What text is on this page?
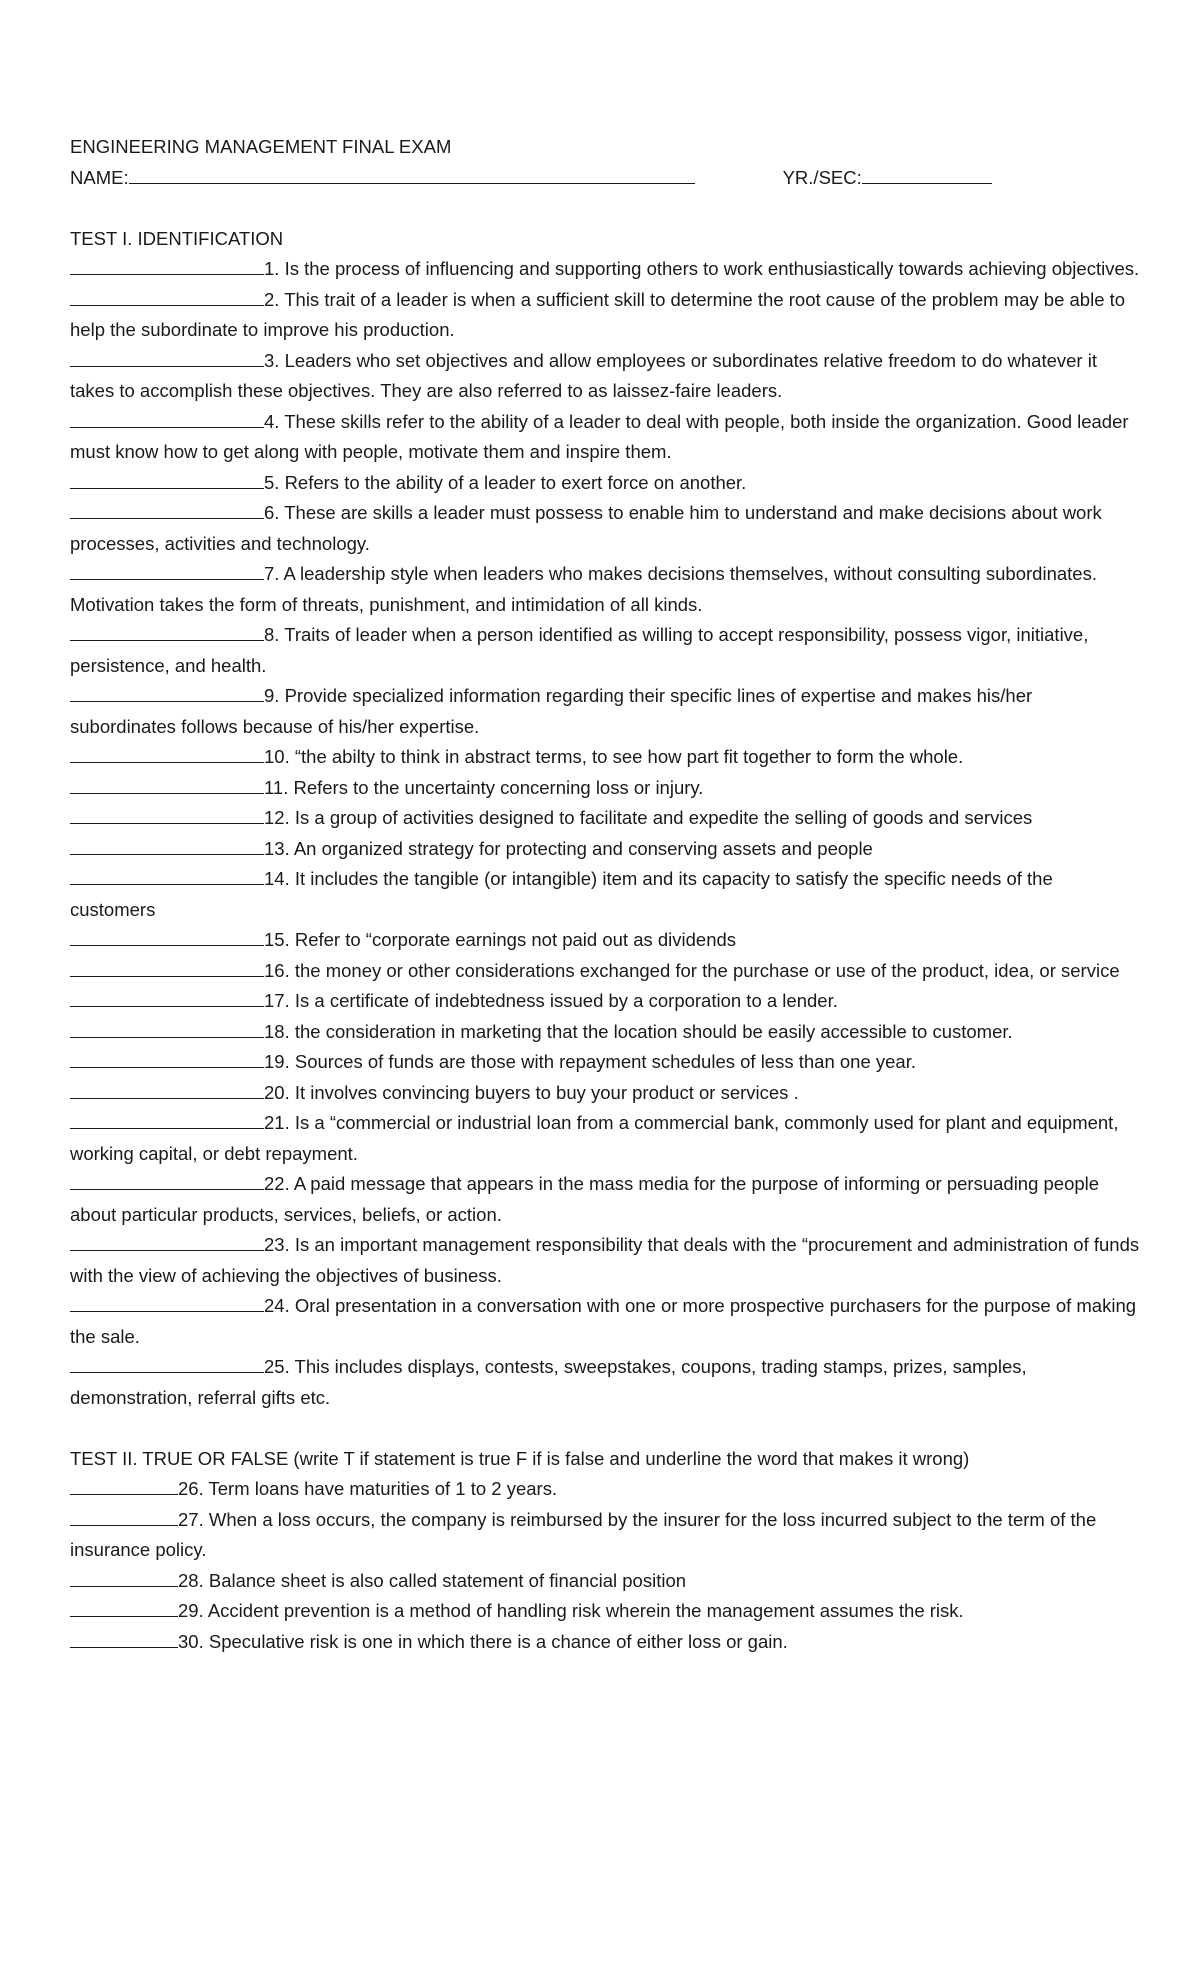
ENGINEERING MANAGEMENT FINAL EXAM
NAME:	YR./SEC:
TEST I. IDENTIFICATION
1. Is the process of influencing and supporting others to work enthusiastically towards achieving objectives.
2. This trait of a leader is when a sufficient skill to determine the root cause of the problem may be able to help the subordinate to improve his production.
3. Leaders who set objectives and allow employees or subordinates relative freedom to do whatever it takes to accomplish these objectives. They are also referred to as laissez-faire leaders.
4. These skills refer to the ability of a leader to deal with people, both inside the organization. Good leader must know how to get along with people, motivate them and inspire them.
5. Refers to the ability of a leader to exert force on another.
6. These are skills a leader must possess to enable him to understand and make decisions about work processes, activities and technology.
7. A leadership style when leaders who makes decisions themselves, without consulting subordinates. Motivation takes the form of threats, punishment, and intimidation of all kinds.
8. Traits of leader when a person identified as willing to accept responsibility, possess vigor, initiative, persistence, and health.
9. Provide specialized information regarding their specific lines of expertise and makes his/her subordinates follows because of his/her expertise.
10. “the abilty to think in abstract terms, to see how part fit together to form the whole.
11. Refers to the uncertainty concerning loss or injury.
12. Is a group of activities designed to facilitate and expedite the selling of goods and services
13. An organized strategy for protecting and conserving assets and people
14. It includes the tangible (or intangible) item and its capacity to satisfy the specific needs of the customers
15. Refer to “corporate earnings not paid out as dividends
16. the money or other considerations exchanged for the purchase or use of the product, idea, or service
17. Is a certificate of indebtedness issued by a corporation to a lender.
18. the consideration in marketing that the location should be easily accessible to customer.
19. Sources of funds are those with repayment schedules of less than one year.
20. It involves convincing buyers to buy your product or services .
21. Is a “commercial or industrial loan from a commercial bank, commonly used for plant and equipment, working capital, or debt repayment.
22. A paid message that appears in the mass media for the purpose of informing or persuading people about particular products, services, beliefs, or action.
23. Is an important management responsibility that deals with the “procurement and administration of funds with the view of achieving the objectives of business.
24. Oral presentation in a conversation with one or more prospective purchasers for the purpose of making the sale.
25. This includes displays, contests, sweepstakes, coupons, trading stamps, prizes, samples, demonstration, referral gifts etc.
TEST II. TRUE OR FALSE (write T if statement is true F if is false and underline the word that makes it wrong)
26. Term loans have maturities of 1 to 2 years.
27. When a loss occurs, the company is reimbursed by the insurer for the loss incurred subject to the term of the insurance policy.
28. Balance sheet is also called statement of financial position
29. Accident prevention is a method of handling risk wherein the management assumes the risk.
30. Speculative risk is one in which there is a chance of either loss or gain.
